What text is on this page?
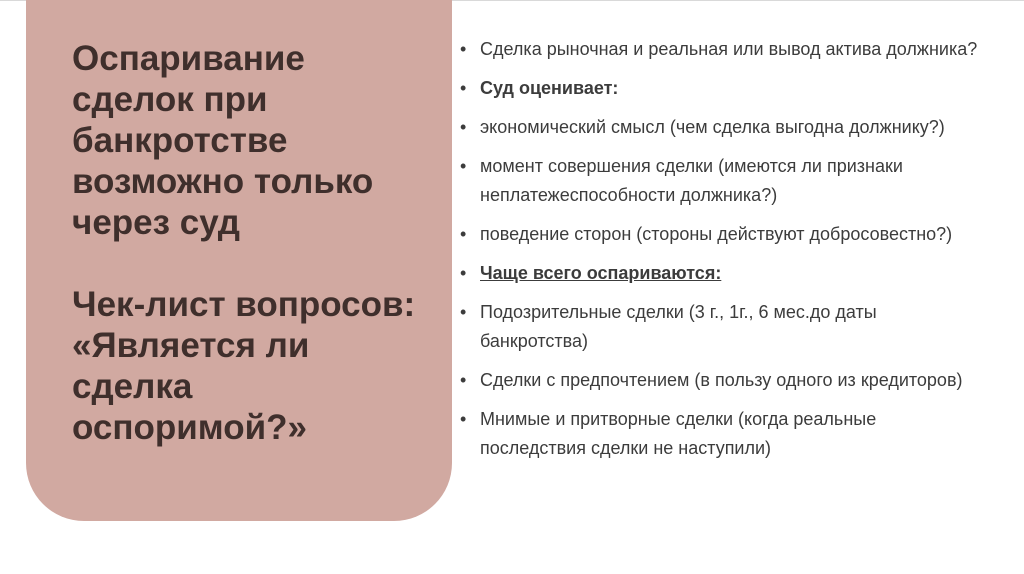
Оспаривание

сделок при

банкротстве

возможно только

через суд

Чек-лист вопросов:

«Является ли

сделка

оспоримой?»

• Сделка рыночная и реальная или вывод актива должника?
• Суд оценивает:
• экономический смысл (чем сделка выгодна должнику?)
• момент совершения сделки (имеются ли признаки неплатежеспособности должника?)
• поведение сторон (стороны действуют добросовестно?)
• Чаще всего оспариваются:
• Подозрительные сделки (3 г., 1г., 6 мес.до даты банкротства)
• Сделки с предпочтением (в пользу одного из кредиторов)
• Мнимые и притворные сделки (когда реальные последствия сделки не наступили)
